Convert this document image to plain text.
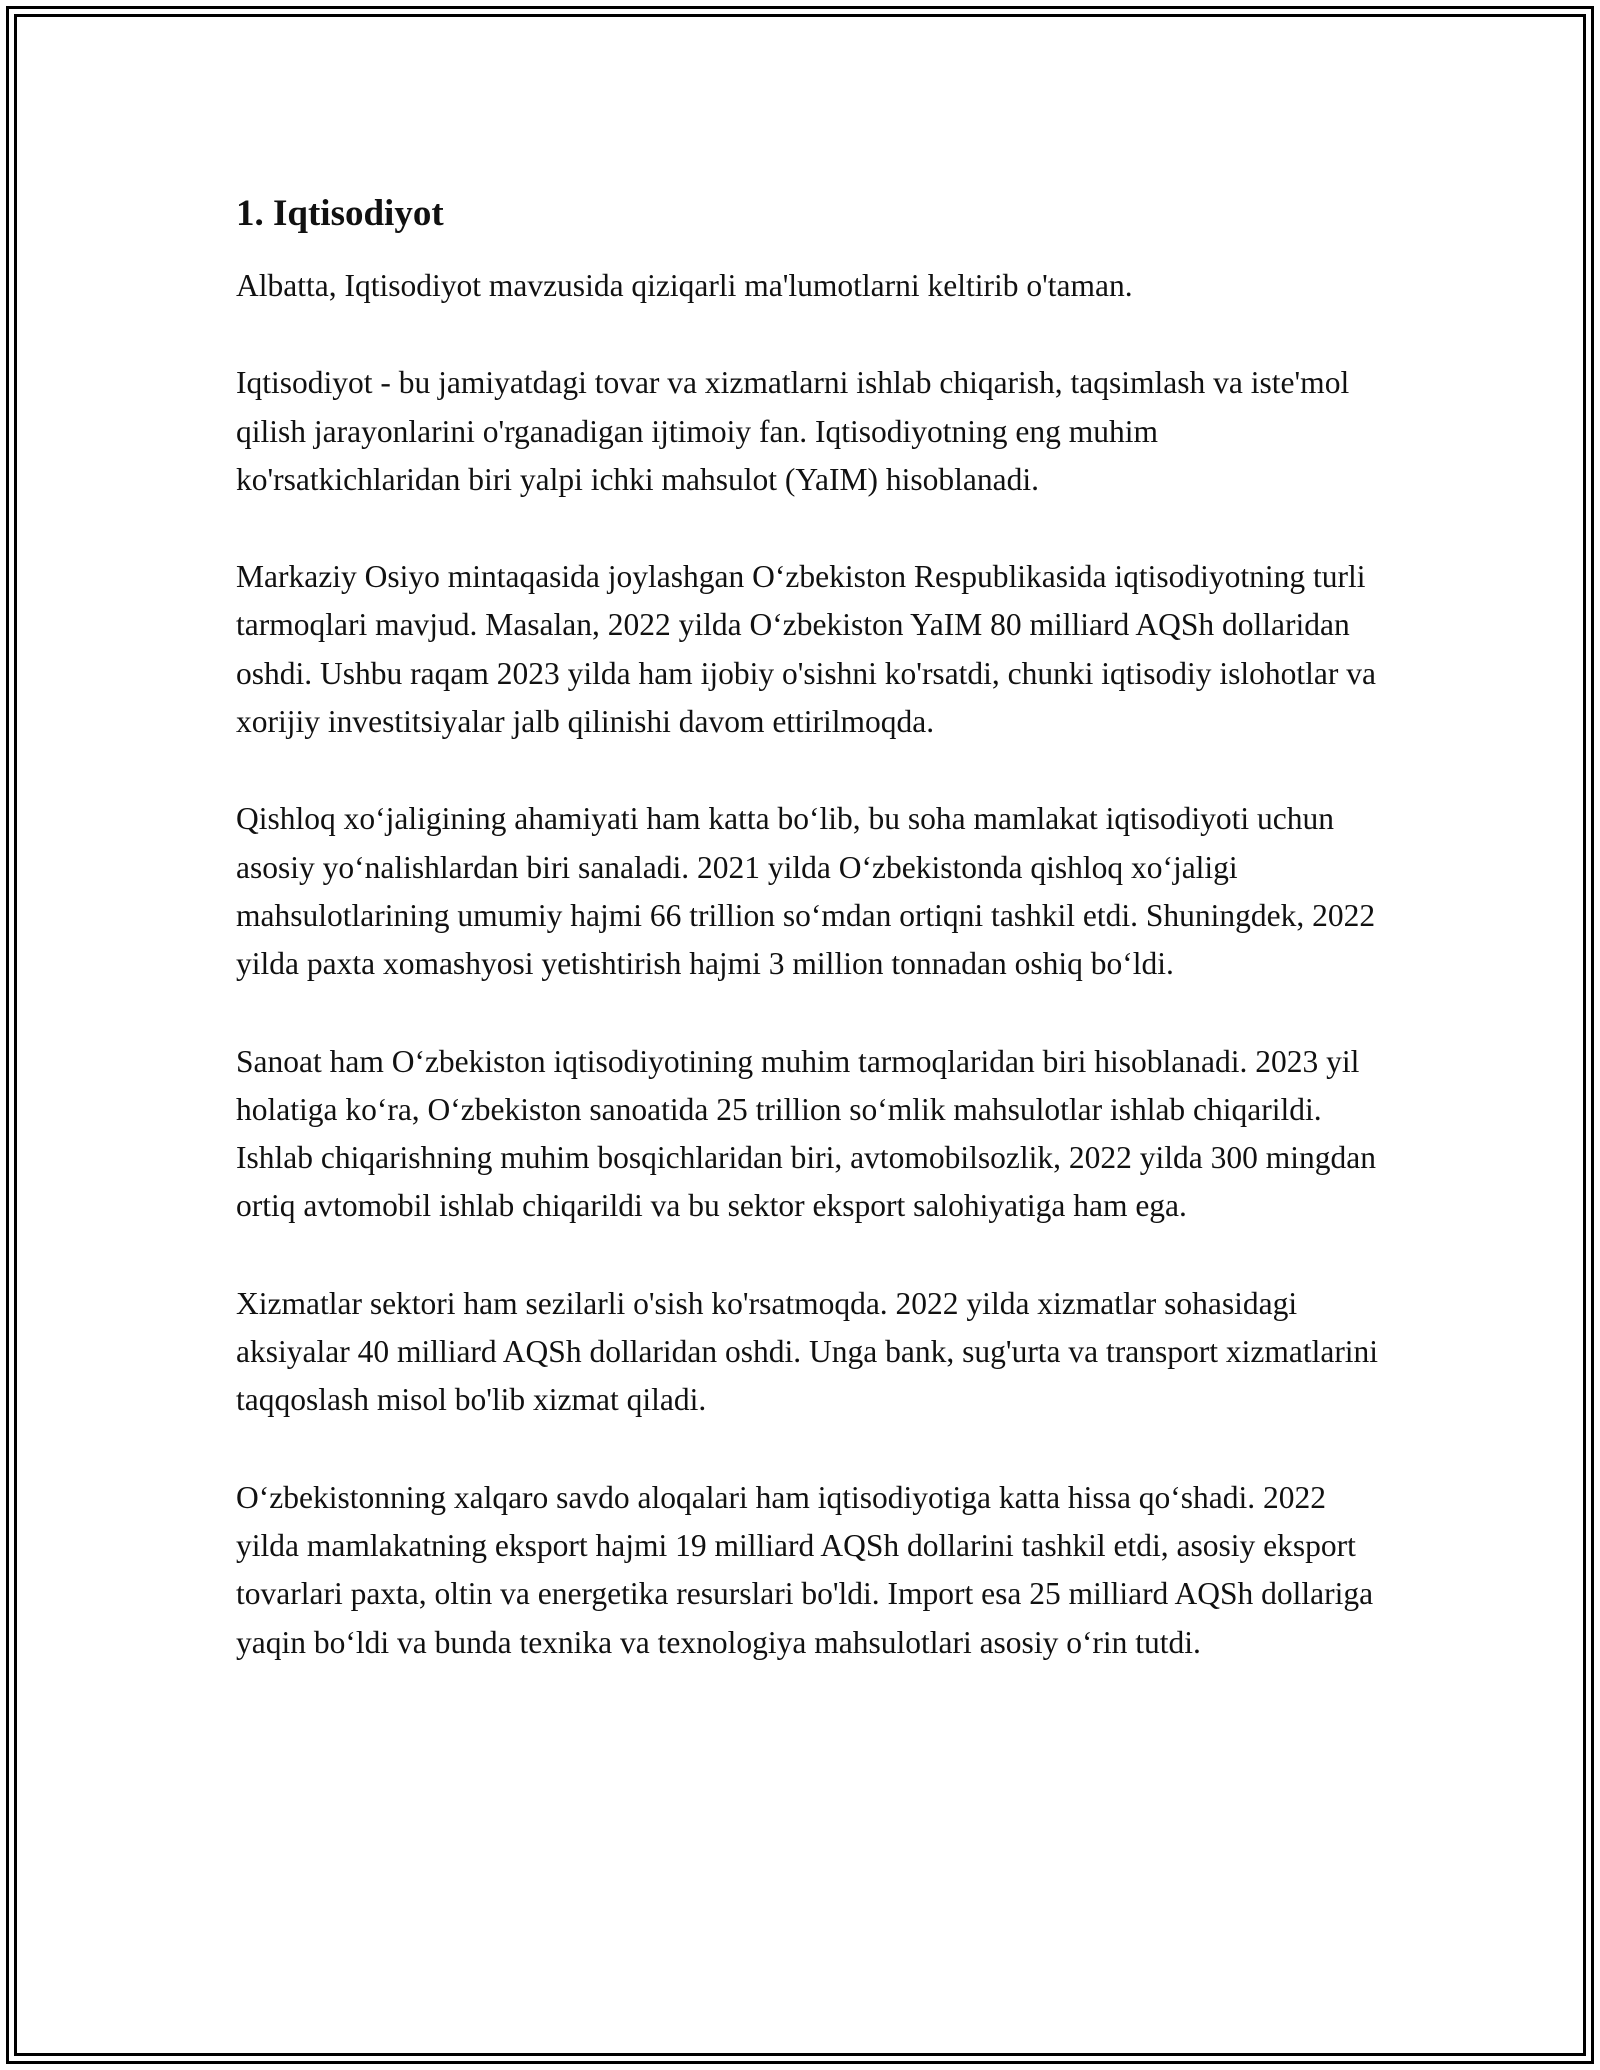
1. Iqtisodiyot

Albatta, Iqtisodiyot mavzusida qiziqarli ma'lumotlarni keltirib o'taman.

Iqtisodiyot - bu jamiyatdagi tovar va xizmatlarni ishlab chiqarish, taqsimlash va iste'mol qilish jarayonlarini o'rganadigan ijtimoiy fan. Iqtisodiyotning eng muhim ko'rsatkichlaridan biri yalpi ichki mahsulot (YaIM) hisoblanadi.

Markaziy Osiyo mintaqasida joylashgan O‘zbekiston Respublikasida iqtisodiyotning turli tarmoqlari mavjud. Masalan, 2022 yilda O‘zbekiston YaIM 80 milliard AQSh dollaridan oshdi. Ushbu raqam 2023 yilda ham ijobiy o'sishni ko'rsatdi, chunki iqtisodiy islohotlar va xorijiy investitsiyalar jalb qilinishi davom ettirilmoqda.

Qishloq xo‘jaligining ahamiyati ham katta bo‘lib, bu soha mamlakat iqtisodiyoti uchun asosiy yo‘nalishlardan biri sanaladi. 2021 yilda O‘zbekistonda qishloq xo‘jaligi mahsulotlarining umumiy hajmi 66 trillion so‘mdan ortiqni tashkil etdi. Shuningdek, 2022 yilda paxta xomashyosi yetishtirish hajmi 3 million tonnadan oshiq bo‘ldi.

Sanoat ham O‘zbekiston iqtisodiyotining muhim tarmoqlaridan biri hisoblanadi. 2023 yil holatiga ko‘ra, O‘zbekiston sanoatida 25 trillion so‘mlik mahsulotlar ishlab chiqarildi. Ishlab chiqarishning muhim bosqichlaridan biri, avtomobilsozlik, 2022 yilda 300 mingdan ortiq avtomobil ishlab chiqarildi va bu sektor eksport salohiyatiga ham ega.

Xizmatlar sektori ham sezilarli o'sish ko'rsatmoqda. 2022 yilda xizmatlar sohasidagi aksiyalar 40 milliard AQSh dollaridan oshdi. Unga bank, sug'urta va transport xizmatlarini taqqoslash misol bo'lib xizmat qiladi.

O‘zbekistonning xalqaro savdo aloqalari ham iqtisodiyotiga katta hissa qo‘shadi. 2022 yilda mamlakatning eksport hajmi 19 milliard AQSh dollarini tashkil etdi, asosiy eksport tovarlari paxta, oltin va energetika resurslari bo'ldi. Import esa 25 milliard AQSh dollariga yaqin bo‘ldi va bunda texnika va texnologiya mahsulotlari asosiy o‘rin tutdi.
